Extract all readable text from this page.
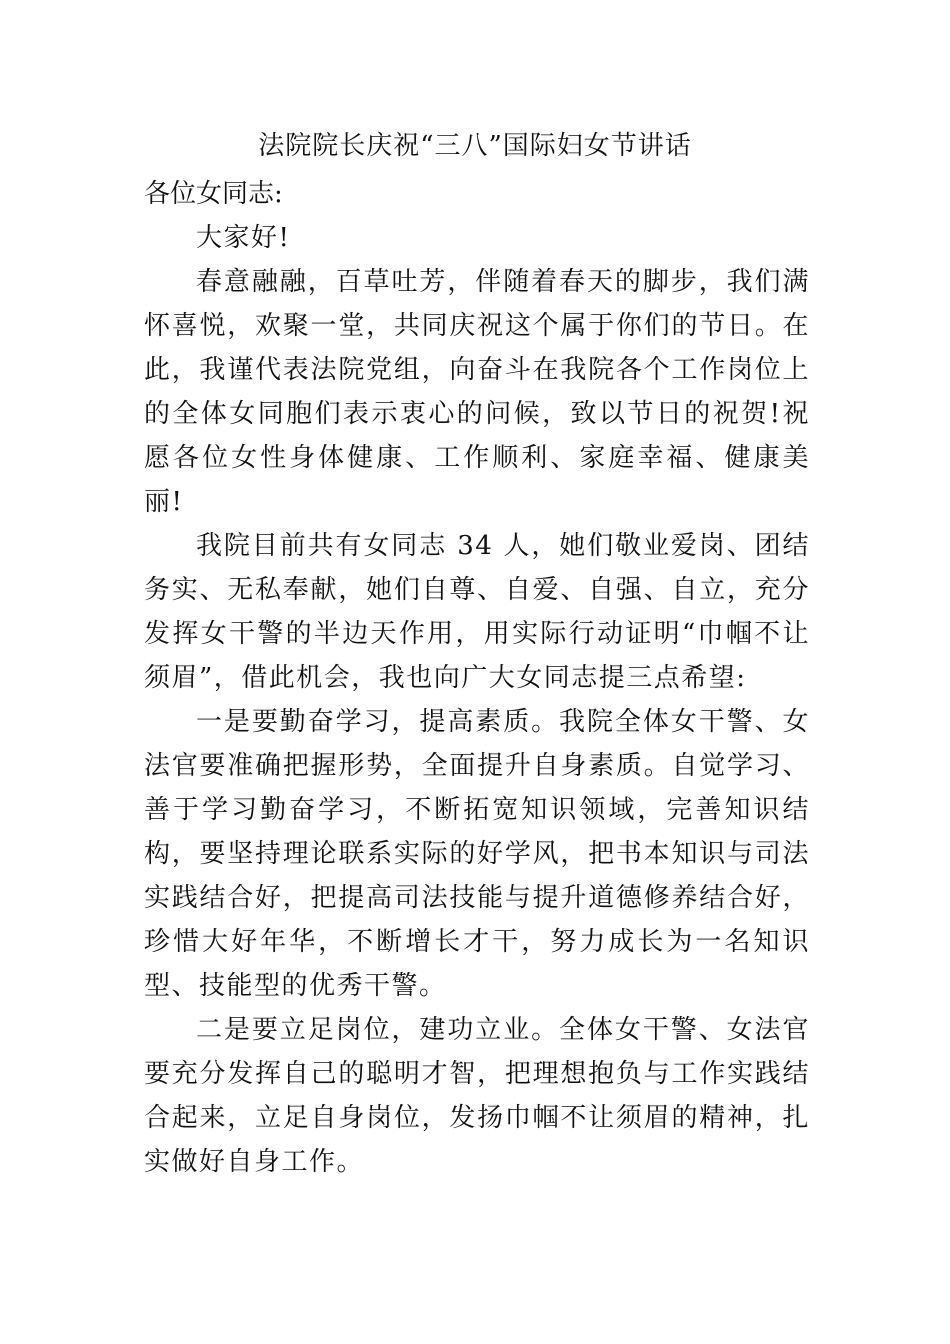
法院院长庆祝“三八”国际妇女节讲话

各位女同志:

大家好!

春意融融，百草吐芳，伴随着春天的脚步，我们满怀喜悦，欢聚一堂，共同庆祝这个属于你们的节日。在此，我谨代表法院党组，向奋斗在我院各个工作岗位上的全体女同胞们表示衷心的问候，致以节日的祝贺!祝愿各位女性身体健康、工作顺利、家庭幸福、健康美丽!

我院目前共有女同志 34 人，她们敬业爱岗、团结务实、无私奉献，她们自尊、自爱、自强、自立，充分发挥女干警的半边天作用，用实际行动证明“巾帼不让须眉”，借此机会，我也向广大女同志提三点希望:

一是要勤奋学习，提高素质。我院全体女干警、女法官要准确把握形势，全面提升自身素质。自觉学习、善于学习勤奋学习，不断拓宽知识领域，完善知识结构，要坚持理论联系实际的好学风，把书本知识与司法实践结合好，把提高司法技能与提升道德修养结合好，珍惜大好年华，不断增长才干，努力成长为一名知识型、技能型的优秀干警。

二是要立足岗位，建功立业。全体女干警、女法官要充分发挥自己的聪明才智，把理想抱负与工作实践结合起来，立足自身岗位，发扬巾帼不让须眉的精神，扎实做好自身工作。
